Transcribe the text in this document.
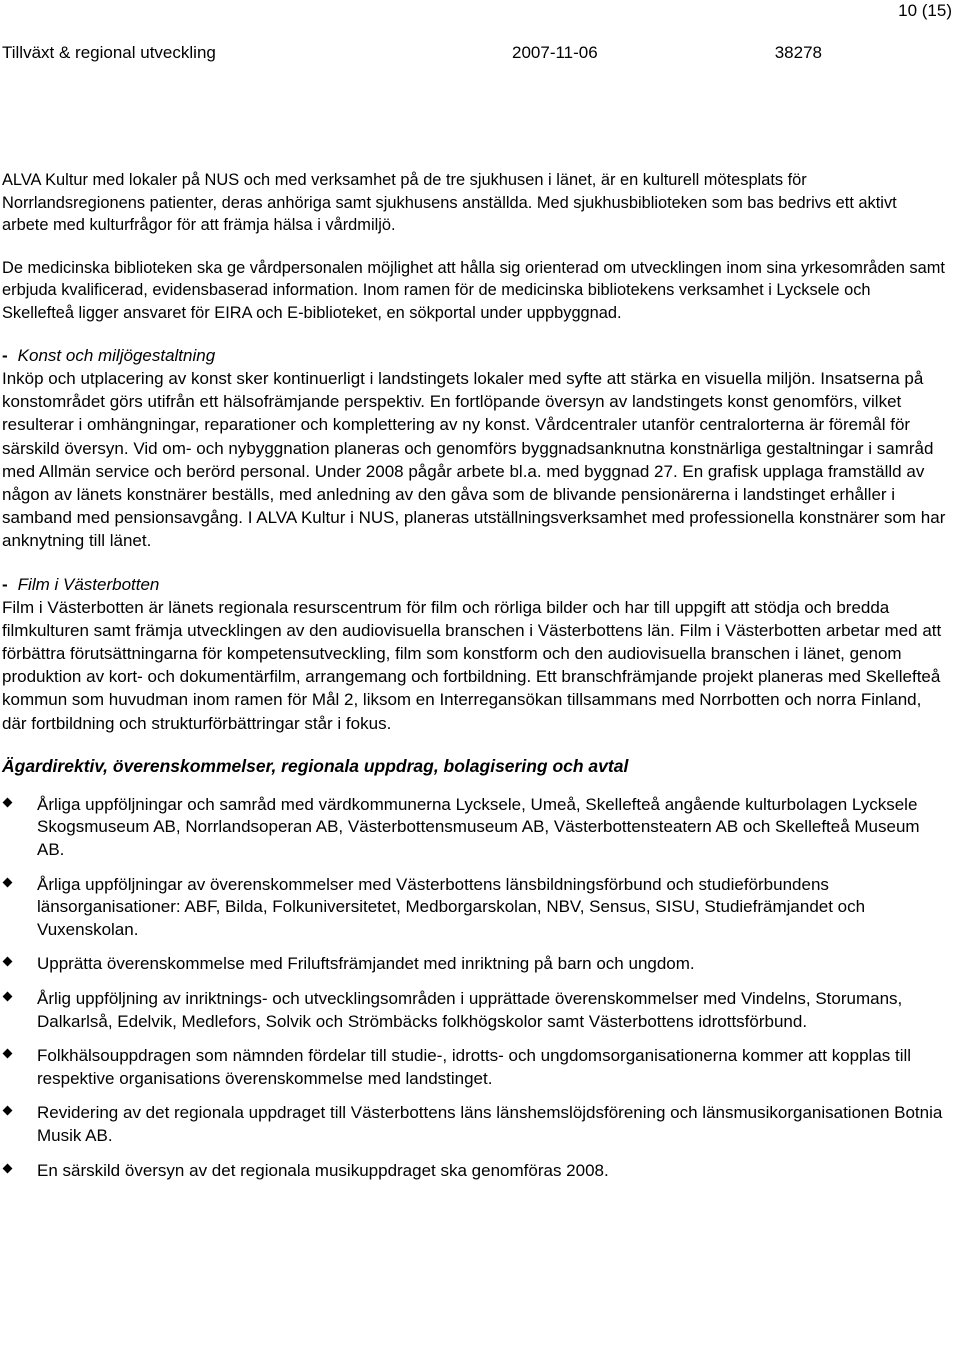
10 (15)
Tillväxt & regional utveckling	2007-11-06	38278

ALVA Kultur med lokaler på NUS och med verksamhet på de tre sjukhusen i länet, är en kulturell mötesplats för Norrlandsregionens patienter, deras anhöriga samt sjukhusens anställda. Med sjukhusbiblioteken som bas bedrivs ett aktivt arbete med kulturfrågor för att främja hälsa i vårdmiljö.

De medicinska biblioteken ska ge vårdpersonalen möjlighet att hålla sig orienterad om utvecklingen inom sina yrkesområden samt erbjuda kvalificerad, evidensbaserad information. Inom ramen för de medicinska bibliotekens verksamhet i Lycksele och Skellefteå ligger ansvaret för EIRA och E-biblioteket, en sökportal under uppbyggnad.

- Konst och miljögestaltning

Inköp och utplacering av konst sker kontinuerligt i landstingets lokaler med syfte att stärka en visuella miljön. Insatserna på konstområdet görs utifrån ett hälsofrämjande perspektiv. En fortlöpande översyn av landstingets konst genomförs, vilket resulterar i omhängningar, reparationer och komplettering av ny konst. Vårdcentraler utanför centralorterna är föremål för särskild översyn. Vid om- och nybyggnation planeras och genomförs byggnadsanknutna konstnärliga gestaltningar i samråd med Allmän service och berörd personal. Under 2008 pågår arbete bl.a. med byggnad 27. En grafisk upplaga framställd av någon av länets konstnärer beställs, med anledning av den gåva som de blivande pensionärerna i landstinget erhåller i samband med pensionsavgång. I ALVA Kultur i NUS, planeras utställningsverksamhet med professionella konstnärer som har anknytning till länet.

- Film i Västerbotten

Film i Västerbotten är länets regionala resurscentrum för film och rörliga bilder och har till uppgift att stödja och bredda filmkulturen samt främja utvecklingen av den audiovisuella branschen i Västerbottens län. Film i Västerbotten arbetar med att förbättra förutsättningarna för kompetensutveckling, film som konstform och den audiovisuella branschen i länet, genom produktion av kort- och dokumentärfilm, arrangemang och fortbildning. Ett branschfrämjande projekt planeras med Skellefteå kommun som huvudman inom ramen för Mål 2, liksom en Interregansökan tillsammans med Norrbotten och norra Finland, där fortbildning och strukturförbättringar står i fokus.

Ägardirektiv, överenskommelser, regionala uppdrag, bolagisering och avtal

Årliga uppföljningar och samråd med värdkommunerna Lycksele, Umeå, Skellefteå angående kulturbolagen Lycksele Skogsmuseum AB, Norrlandsoperan AB, Västerbottensmuseum AB, Västerbottensteatern AB och Skellefteå Museum AB.
Årliga uppföljningar av överenskommelser med Västerbottens länsbildningsförbund och studieförbundens länsorganisationer: ABF, Bilda, Folkuniversitetet, Medborgarskolan, NBV, Sensus, SISU, Studiefrämjandet och Vuxenskolan.
Upprätta överenskommelse med Friluftsfrämjandet med inriktning på barn och ungdom.
Årlig uppföljning av inriktnings- och utvecklingsområden i upprättade överenskommelser med Vindelns, Storumans, Dalkarlså, Edelvik, Medlefors, Solvik och Strömbäcks folkhögskolor samt Västerbottens idrottsförbund.
Folkhälsouppdragen som nämnden fördelar till studie-, idrotts- och ungdomsorganisationerna kommer att kopplas till respektive organisations överenskommelse med landstinget.
Revidering av det regionala uppdraget till Västerbottens läns länshemslöjdsförening och länsmusikorganisationen Botnia Musik AB.
En särskild översyn av det regionala musikuppdraget ska genomföras 2008.
